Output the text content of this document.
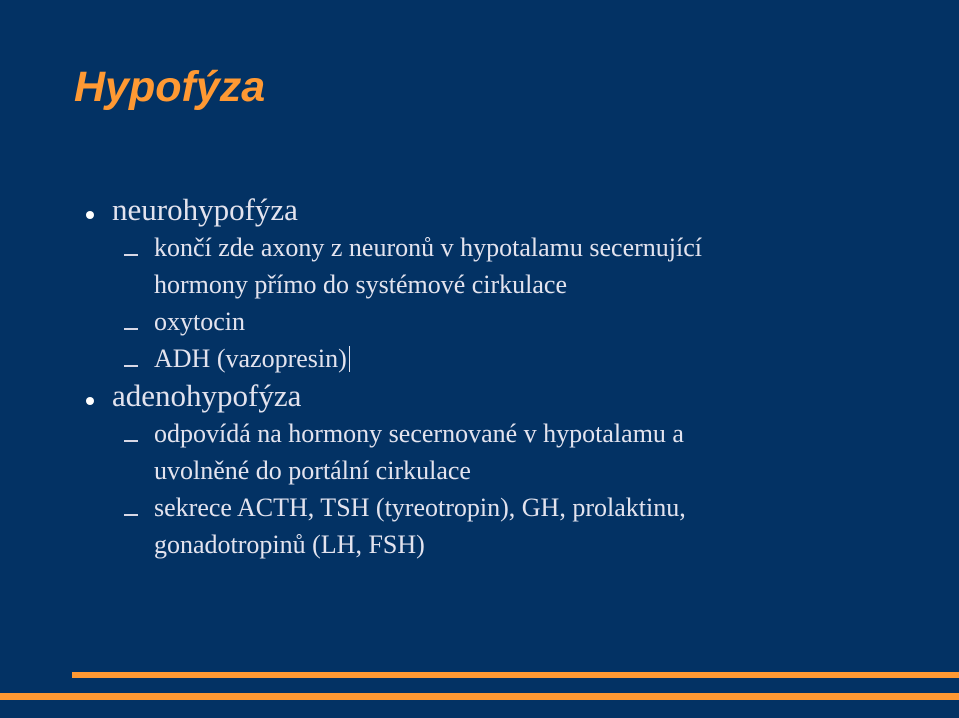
Hypofýza
neurohypofýza
končí zde axony z neuronů v hypotalamu secernující
hormony přímo do systémové cirkulace
oxytocin
ADH (vazopresin)
adenohypofýza
odpovídá na hormony secernované v hypotalamu a
uvolněné do portální cirkulace
sekrece ACTH, TSH (tyreotropin), GH, prolaktinu,
gonadotropinů (LH, FSH)
